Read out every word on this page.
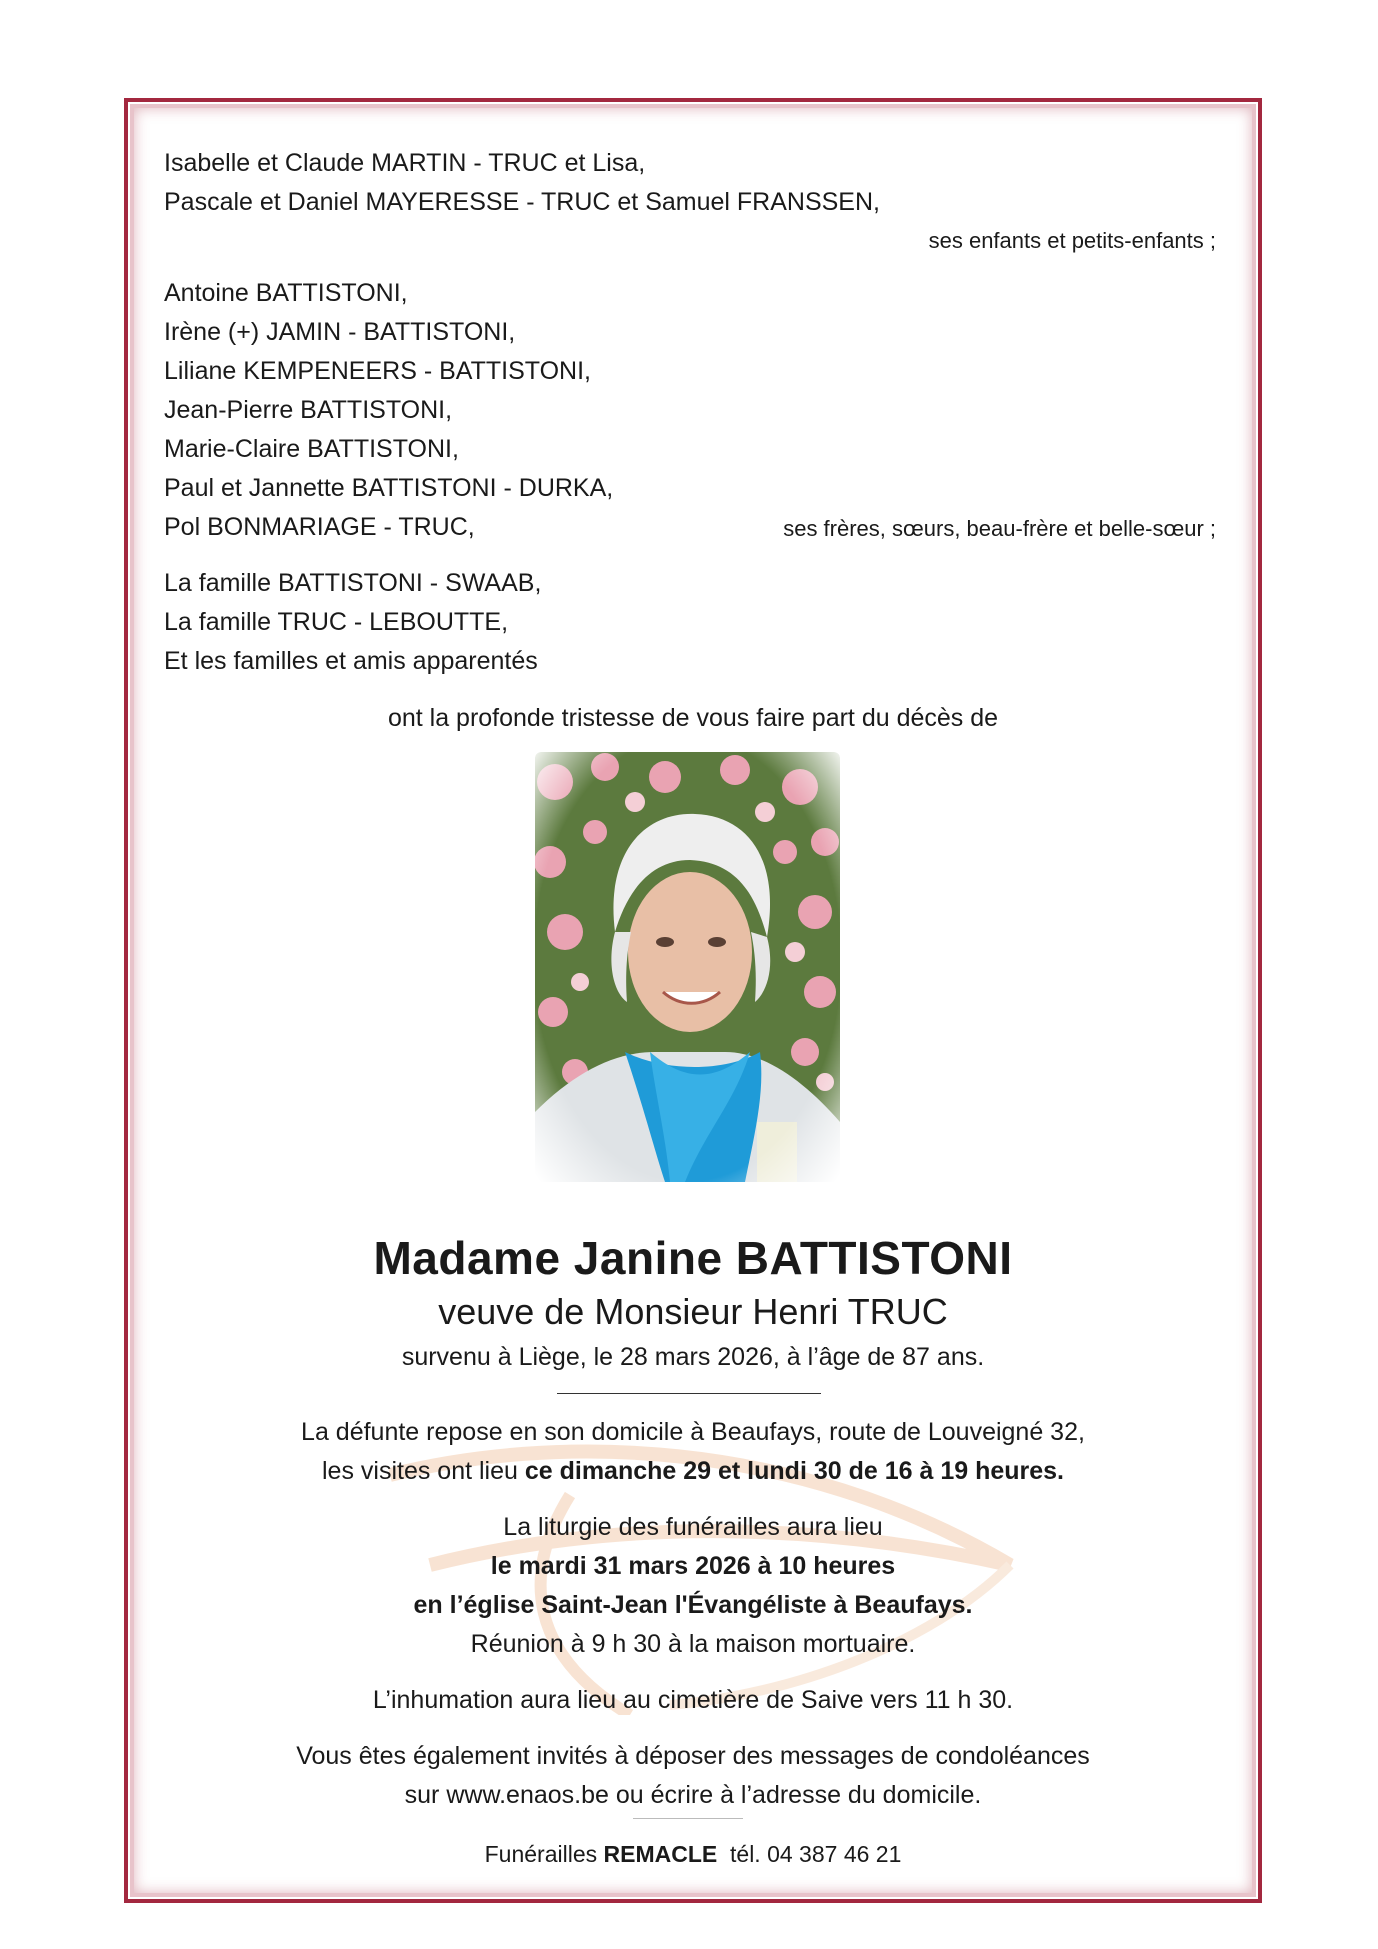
Isabelle et Claude MARTIN - TRUC et Lisa,
Pascale et Daniel MAYERESSE - TRUC et Samuel FRANSSEN,
ses enfants et petits-enfants ;
Antoine BATTISTONI,
Irène (+) JAMIN - BATTISTONI,
Liliane KEMPENEERS - BATTISTONI,
Jean-Pierre BATTISTONI,
Marie-Claire BATTISTONI,
Paul et Jannette BATTISTONI - DURKA,
Pol BONMARIAGE - TRUC,	ses frères, sœurs, beau-frère et belle-sœur ;
La famille BATTISTONI - SWAAB,
La famille TRUC - LEBOUTTE,
Et les familles et amis apparentés
ont la profonde tristesse de vous faire part du décès de
Madame Janine BATTISTONI
veuve de Monsieur Henri TRUC
survenu à Liège, le 28 mars 2026, à l’âge de 87 ans.
La défunte repose en son domicile à Beaufays, route de Louveigné 32,
les visites ont lieu ce dimanche 29 et lundi 30 de 16 à 19 heures.
La liturgie des funérailles aura lieu
le mardi 31 mars 2026 à 10 heures
en l’église Saint-Jean l'Évangéliste à Beaufays.
Réunion à 9 h 30 à la maison mortuaire.
L’inhumation aura lieu au cimetière de Saive vers 11 h 30.
Vous êtes également invités à déposer des messages de condoléances
sur www.enaos.be ou écrire à l’adresse du domicile.
Funérailles REMACLE  tél. 04 387 46 21
